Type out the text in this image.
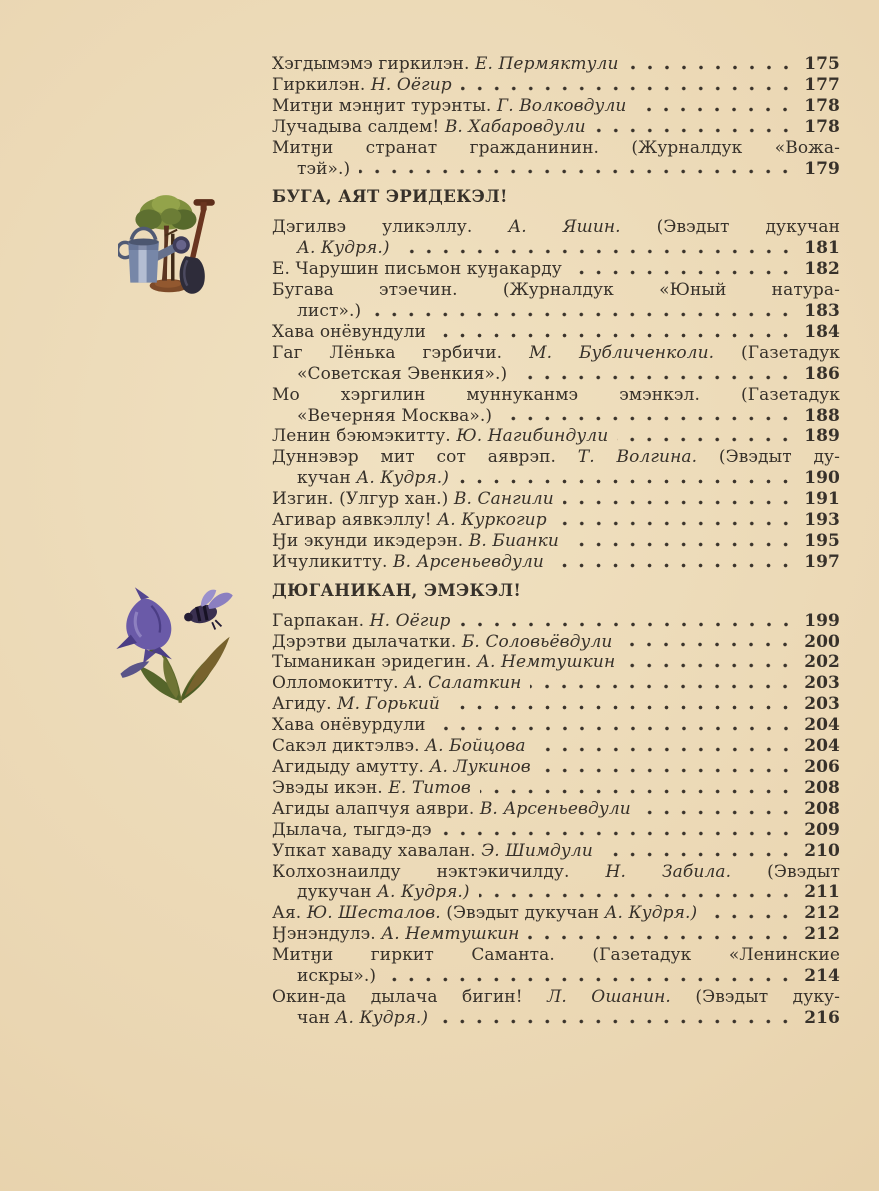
Хэгдымэмэ гиркилэн. Е. Пермяктули	175
Гиркилэн. Н. Оёгир	177
Митӈи мэнӈит турэнты. Г. Волковдули	178
Лучадыва салдем! В. Хабаровдули	178
Митӈи странат гражданинин. (Журналдук «Вожа-
тэй».)	179
БУГА, АЯТ ЭРИДЕКЭЛ!
Дэгилвэ уликэллу. А. Яшин. (Эвэдыт дукучан
А. Кудря.)	181
Е. Чарушин письмон куӈакарду	182
Бугава этэечин. (Журналдук «Юный натура-
лист».)	183
Хава онёвундули	184
Гаг Лёнька гэрбичи. М. Бубличенколи. (Газетадук
«Советская Эвенкия».)	186
Мо хэргилин муннуканмэ эмэнкэл. (Газетадук
«Вечерняя Москва».)	188
Ленин бэюмэкитту. Ю. Нагибиндули	189
Дуннэвэр мит сот аяврэп. Т. Волгина. (Эвэдыт ду-
кучан А. Кудря.)	190
Изгин. (Улгур хан.) В. Сангили	191
Агивар аявкэллу! А. Куркогир	193
Ӈи экунди икэдерэн. В. Бианки	195
Ичуликитту. В. Арсеньевдули	197
ДЮГАНИКАН, ЭМЭКЭЛ!
Гарпакан. Н. Оёгир	199
Дэрэтви дылачатки. Б. Соловьёвдули	200
Тыманикан эридегин. А. Немтушкин	202
Олломокитту. А. Салаткин	203
Агиду. М. Горький	203
Хава онёвурдули	204
Сакэл диктэлвэ. А. Бойцова	204
Агидыду амутту. А. Лукинов	206
Эвэды икэн. Е. Титов	208
Агиды алапчуя аяври. В. Арсеньевдули	208
Дылача, тыгдэ-дэ	209
Упкат хаваду хавалан. Э. Шимдули	210
Колхознаилду нэктэкичилду. Н. Забила. (Эвэдыт
дукучан А. Кудря.)	211
Ая. Ю. Шесталов. (Эвэдыт дукучан А. Кудря.)	212
Ӈэнэндулэ. А. Немтушкин	212
Митӈи гиркит Саманта. (Газетадук «Ленинские
искры».)	214
Окин-да дылача бигин! Л. Ошанин. (Эвэдыт дуку-
чан А. Кудря.)	216
